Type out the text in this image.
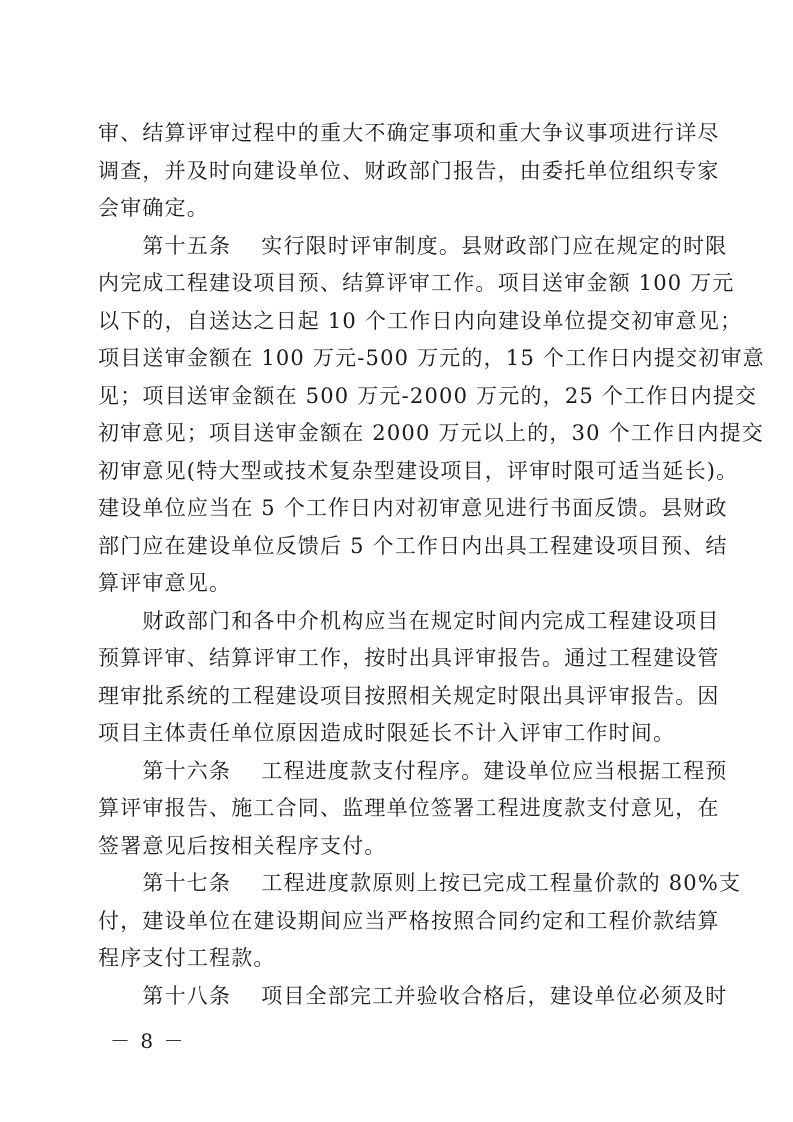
审、结算评审过程中的重大不确定事项和重大争议事项进行详尽
调查，并及时向建设单位、财政部门报告，由委托单位组织专家
会审确定。
　　第十五条　 实行限时评审制度。县财政部门应在规定的时限
内完成工程建设项目预、结算评审工作。项目送审金额 100 万元
以下的，自送达之日起 10 个工作日内向建设单位提交初审意见；
项目送审金额在 100 万元-500 万元的，15 个工作日内提交初审意
见；项目送审金额在 500 万元-2000 万元的，25 个工作日内提交
初审意见；项目送审金额在 2000 万元以上的，30 个工作日内提交
初审意见(特大型或技术复杂型建设项目，评审时限可适当延长)。
建设单位应当在 5 个工作日内对初审意见进行书面反馈。县财政
部门应在建设单位反馈后 5 个工作日内出具工程建设项目预、结
算评审意见。
　　财政部门和各中介机构应当在规定时间内完成工程建设项目
预算评审、结算评审工作，按时出具评审报告。通过工程建设管
理审批系统的工程建设项目按照相关规定时限出具评审报告。因
项目主体责任单位原因造成时限延长不计入评审工作时间。
　　第十六条　 工程进度款支付程序。建设单位应当根据工程预
算评审报告、施工合同、监理单位签署工程进度款支付意见，在
签署意见后按相关程序支付。
　　第十七条　 工程进度款原则上按已完成工程量价款的 80%支
付，建设单位在建设期间应当严格按照合同约定和工程价款结算
程序支付工程款。
　　第十八条　 项目全部完工并验收合格后，建设单位必须及时
－ 8 －
